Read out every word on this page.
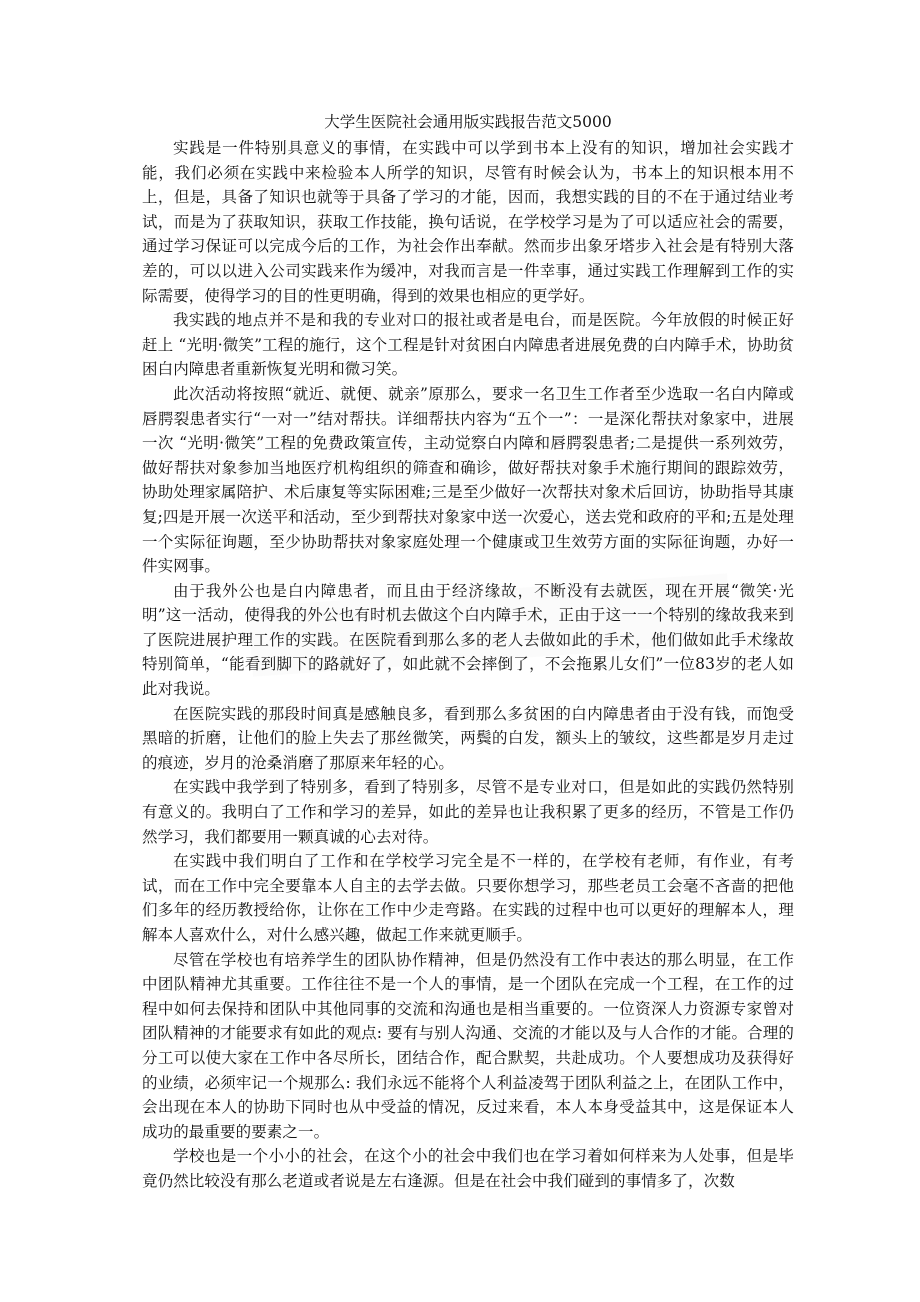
大学生医院社会通用版实践报告范文5000

实践是一件特别具意义的事情，在实践中可以学到书本上没有的知识，增加社会实践才能，我们必须在实践中来检验本人所学的知识，尽管有时候会认为，书本上的知识根本用不上，但是，具备了知识也就等于具备了学习的才能，因而，我想实践的目的不在于通过结业考试，而是为了获取知识，获取工作技能，换句话说，在学校学习是为了可以适应社会的需要，通过学习保证可以完成今后的工作，为社会作出奉献。然而步出象牙塔步入社会是有特别大落差的，可以以进入公司实践来作为缓冲，对我而言是一件幸事，通过实践工作理解到工作的实际需要，使得学习的目的性更明确，得到的效果也相应的更学好。

我实践的地点并不是和我的专业对口的报社或者是电台，而是医院。今年放假的时候正好赶上 “光明·微笑”工程的施行，这个工程是针对贫困白内障患者进展免费的白内障手术，协助贫困白内障患者重新恢复光明和微习笑。

此次活动将按照“就近、就便、就亲”原那么，要求一名卫生工作者至少选取一名白内障或唇腭裂患者实行“一对一”结对帮扶。详细帮扶内容为“五个一”：一是深化帮扶对象家中，进展一次 “光明·微笑”工程的免费政策宣传，主动觉察白内障和唇腭裂患者;二是提供一系列效劳，做好帮扶对象参加当地医疗机构组织的筛查和确诊，做好帮扶对象手术施行期间的跟踪效劳，协助处理家属陪护、术后康复等实际困难;三是至少做好一次帮扶对象术后回访，协助指导其康复;四是开展一次送平和活动，至少到帮扶对象家中送一次爱心，送去党和政府的平和;五是处理一个实际征询题，至少协助帮扶对象家庭处理一个健康或卫生效劳方面的实际征询题，办好一件实网事。

由于我外公也是白内障患者，而且由于经济缘故，不断没有去就医，现在开展“微笑·光明”这一活动，使得我的外公也有时机去做这个白内障手术，正由于这一一个特别的缘故我来到了医院进展护理工作的实践。在医院看到那么多的老人去做如此的手术，他们做如此手术缘故特别简单，“能看到脚下的路就好了，如此就不会摔倒了，不会拖累儿女们”一位83岁的老人如此对我说。

在医院实践的那段时间真是感触良多，看到那么多贫困的白内障患者由于没有钱，而饱受黑暗的折磨，让他们的脸上失去了那丝微笑，两鬓的白发，额头上的皱纹，这些都是岁月走过的痕迹，岁月的沧桑消磨了那原来年轻的心。

在实践中我学到了特别多，看到了特别多，尽管不是专业对口，但是如此的实践仍然特别有意义的。我明白了工作和学习的差异，如此的差异也让我积累了更多的经历，不管是工作仍然学习，我们都要用一颗真诚的心去对待。

在实践中我们明白了工作和在学校学习完全是不一样的，在学校有老师，有作业，有考试，而在工作中完全要靠本人自主的去学去做。只要你想学习，那些老员工会毫不吝啬的把他们多年的经历教授给你，让你在工作中少走弯路。在实践的过程中也可以更好的理解本人，理解本人喜欢什么，对什么感兴趣，做起工作来就更顺手。

尽管在学校也有培养学生的团队协作精神，但是仍然没有工作中表达的那么明显，在工作中团队精神尤其重要。工作往往不是一个人的事情，是一个团队在完成一个工程，在工作的过程中如何去保持和团队中其他同事的交流和沟通也是相当重要的。一位资深人力资源专家曾对团队精神的才能要求有如此的观点: 要有与别人沟通、交流的才能以及与人合作的才能。合理的分工可以使大家在工作中各尽所长，团结合作，配合默契，共赴成功。个人要想成功及获得好的业绩，必须牢记一个规那么: 我们永远不能将个人利益凌驾于团队利益之上，在团队工作中，会出现在本人的协助下同时也从中受益的情况，反过来看，本人本身受益其中，这是保证本人成功的最重要的要素之一。

学校也是一个小小的社会，在这个小的社会中我们也在学习着如何样来为人处事，但是毕竟仍然比较没有那么老道或者说是左右逢源。但是在社会中我们碰到的事情多了，次数
